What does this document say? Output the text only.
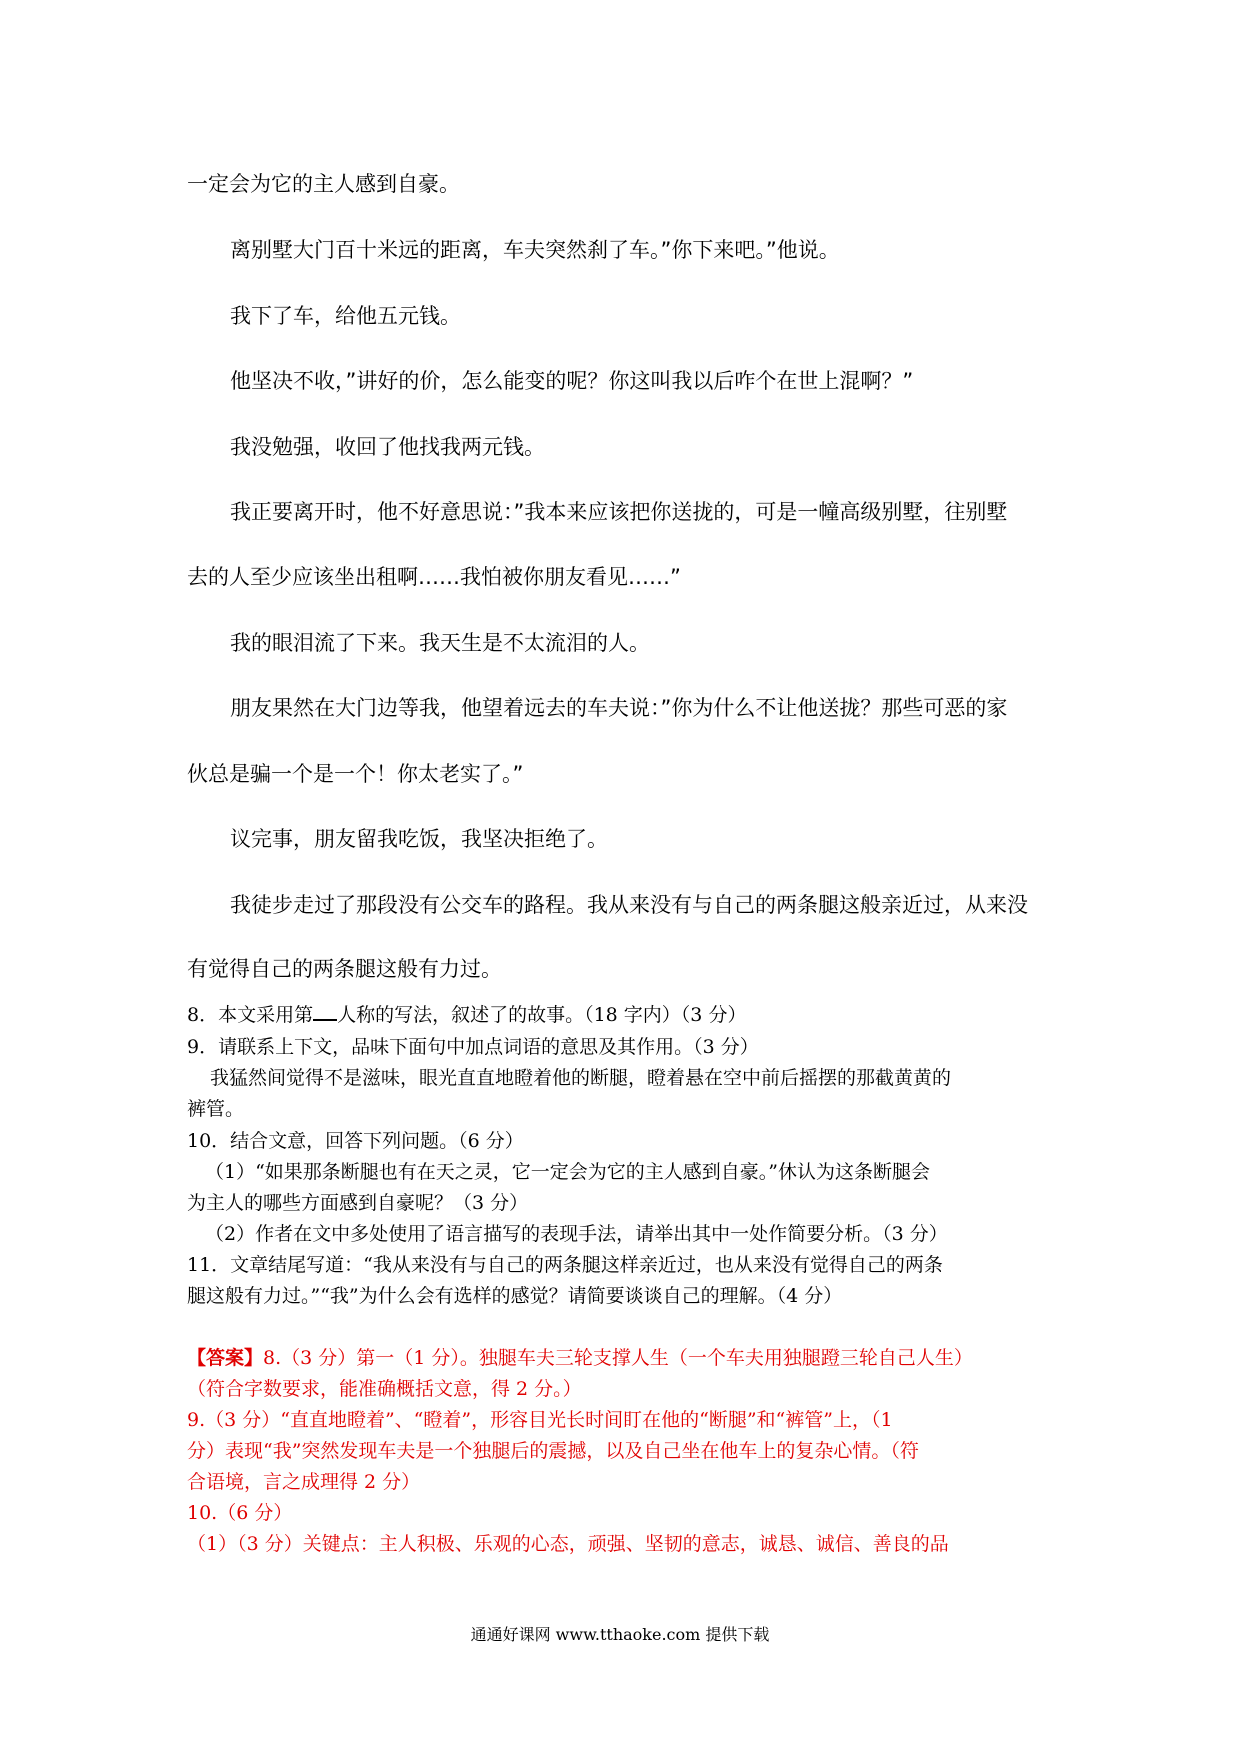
一定会为它的主人感到自豪。
离别墅大门百十米远的距离，车夫突然刹了车。”你下来吧。”他说。
我下了车，给他五元钱。
他坚决不收，”讲好的价，怎么能变的呢？你这叫我以后咋个在世上混啊？”
我没勉强，收回了他找我两元钱。
我正要离开时，他不好意思说：”我本来应该把你送拢的，可是一幢高级别墅，往别墅
去的人至少应该坐出租啊……我怕被你朋友看见……”
我的眼泪流了下来。我天生是不太流泪的人。
朋友果然在大门边等我，他望着远去的车夫说：”你为什么不让他送拢？那些可恶的家
伙总是骗一个是一个！你太老实了。”
议完事，朋友留我吃饭，我坚决拒绝了。
我徒步走过了那段没有公交车的路程。我从来没有与自己的两条腿这般亲近过，从来没
有觉得自己的两条腿这般有力过。
8．本文采用第 人称的写法，叙述了的故事。（18 字内）（3 分）
9．请联系上下文，品味下面句中加点词语的意思及其作用。（3 分）
我猛然间觉得不是滋味，眼光直直地瞪着他的断腿，瞪着悬在空中前后摇摆的那截黄黄的
裤管。
10．结合文意，回答下列问题。（6 分）
（1）“如果那条断腿也有在天之灵，它一定会为它的主人感到自豪。”休认为这条断腿会
为主人的哪些方面感到自豪呢？（3 分）
（2）作者在文中多处使用了语言描写的表现手法，请举出其中一处作简要分析。（3 分）
11．文章结尾写道：“我从来没有与自己的两条腿这样亲近过，也从来没有觉得自己的两条
腿这般有力过。”“我”为什么会有选样的感觉？请简要谈谈自己的理解。（4 分）
【答案】8.（3 分）第一（1 分）。独腿车夫三轮支撑人生（一个车夫用独腿蹬三轮自己人生）
（符合字数要求，能准确概括文意，得 2 分。）
9.（3 分）“直直地瞪着”、“瞪着”，形容目光长时间盯在他的“断腿”和“裤管”上，（1
分）表现“我”突然发现车夫是一个独腿后的震撼，以及自己坐在他车上的复杂心情。（符
合语境，言之成理得 2 分）
10.（6 分）
（1）（3 分）关键点：主人积极、乐观的心态，顽强、坚韧的意志，诚恳、诚信、善良的品
通通好课网 www.tthaoke.com 提供下载
